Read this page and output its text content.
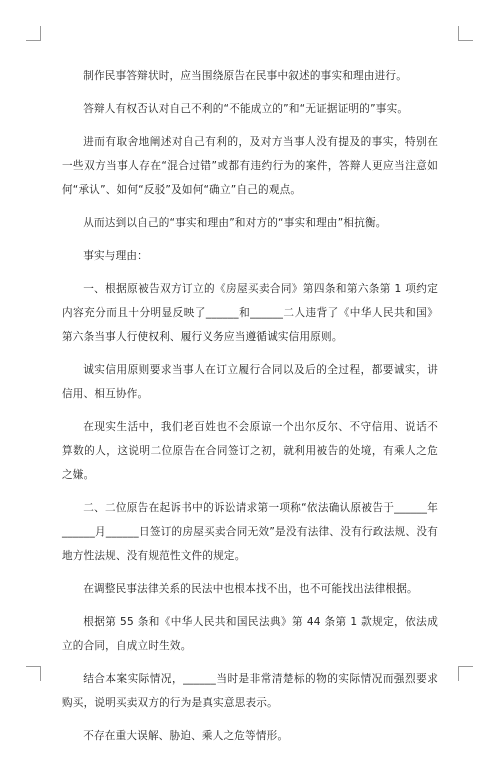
制作民事答辩状时，应当围绕原告在民事中叙述的事实和理由进行。

答辩人有权否认对自己不利的“不能成立的”和“无证据证明的”事实。

进而有取舍地阐述对自己有利的，及对方当事人没有提及的事实，特别在一些双方当事人存在“混合过错”或都有违约行为的案件，答辩人更应当注意如何“承认”、如何“反驳”及如何“确立”自己的观点。

从而达到以自己的“事实和理由”和对方的“事实和理由”相抗衡。

事实与理由：

一、根据原被告双方订立的《房屋买卖合同》第四条和第六条第 1 项约定内容充分而且十分明显反映了______和______二人违背了《中华人民共和国》第六条当事人行使权利、履行义务应当遵循诚实信用原则。

诚实信用原则要求当事人在订立履行合同以及后的全过程，都要诚实，讲信用、相互协作。

在现实生活中，我们老百姓也不会原谅一个出尔反尔、不守信用、说话不算数的人，这说明二位原告在合同签订之初，就利用被告的处境，有乘人之危之嫌。

二、二位原告在起诉书中的诉讼请求第一项称“依法确认原被告于______年______月______日签订的房屋买卖合同无效”是没有法律、没有行政法规、没有地方性法规、没有规范性文件的规定。

在调整民事法律关系的民法中也根本找不出，也不可能找出法律根据。

根据第 55 条和《中华人民共和国民法典》第 44 条第 1 款规定，依法成立的合同，自成立时生效。

结合本案实际情况，______当时是非常清楚标的物的实际情况而强烈要求购买，说明买卖双方的行为是真实意思表示。

不存在重大误解、胁迫、乘人之危等情形。
